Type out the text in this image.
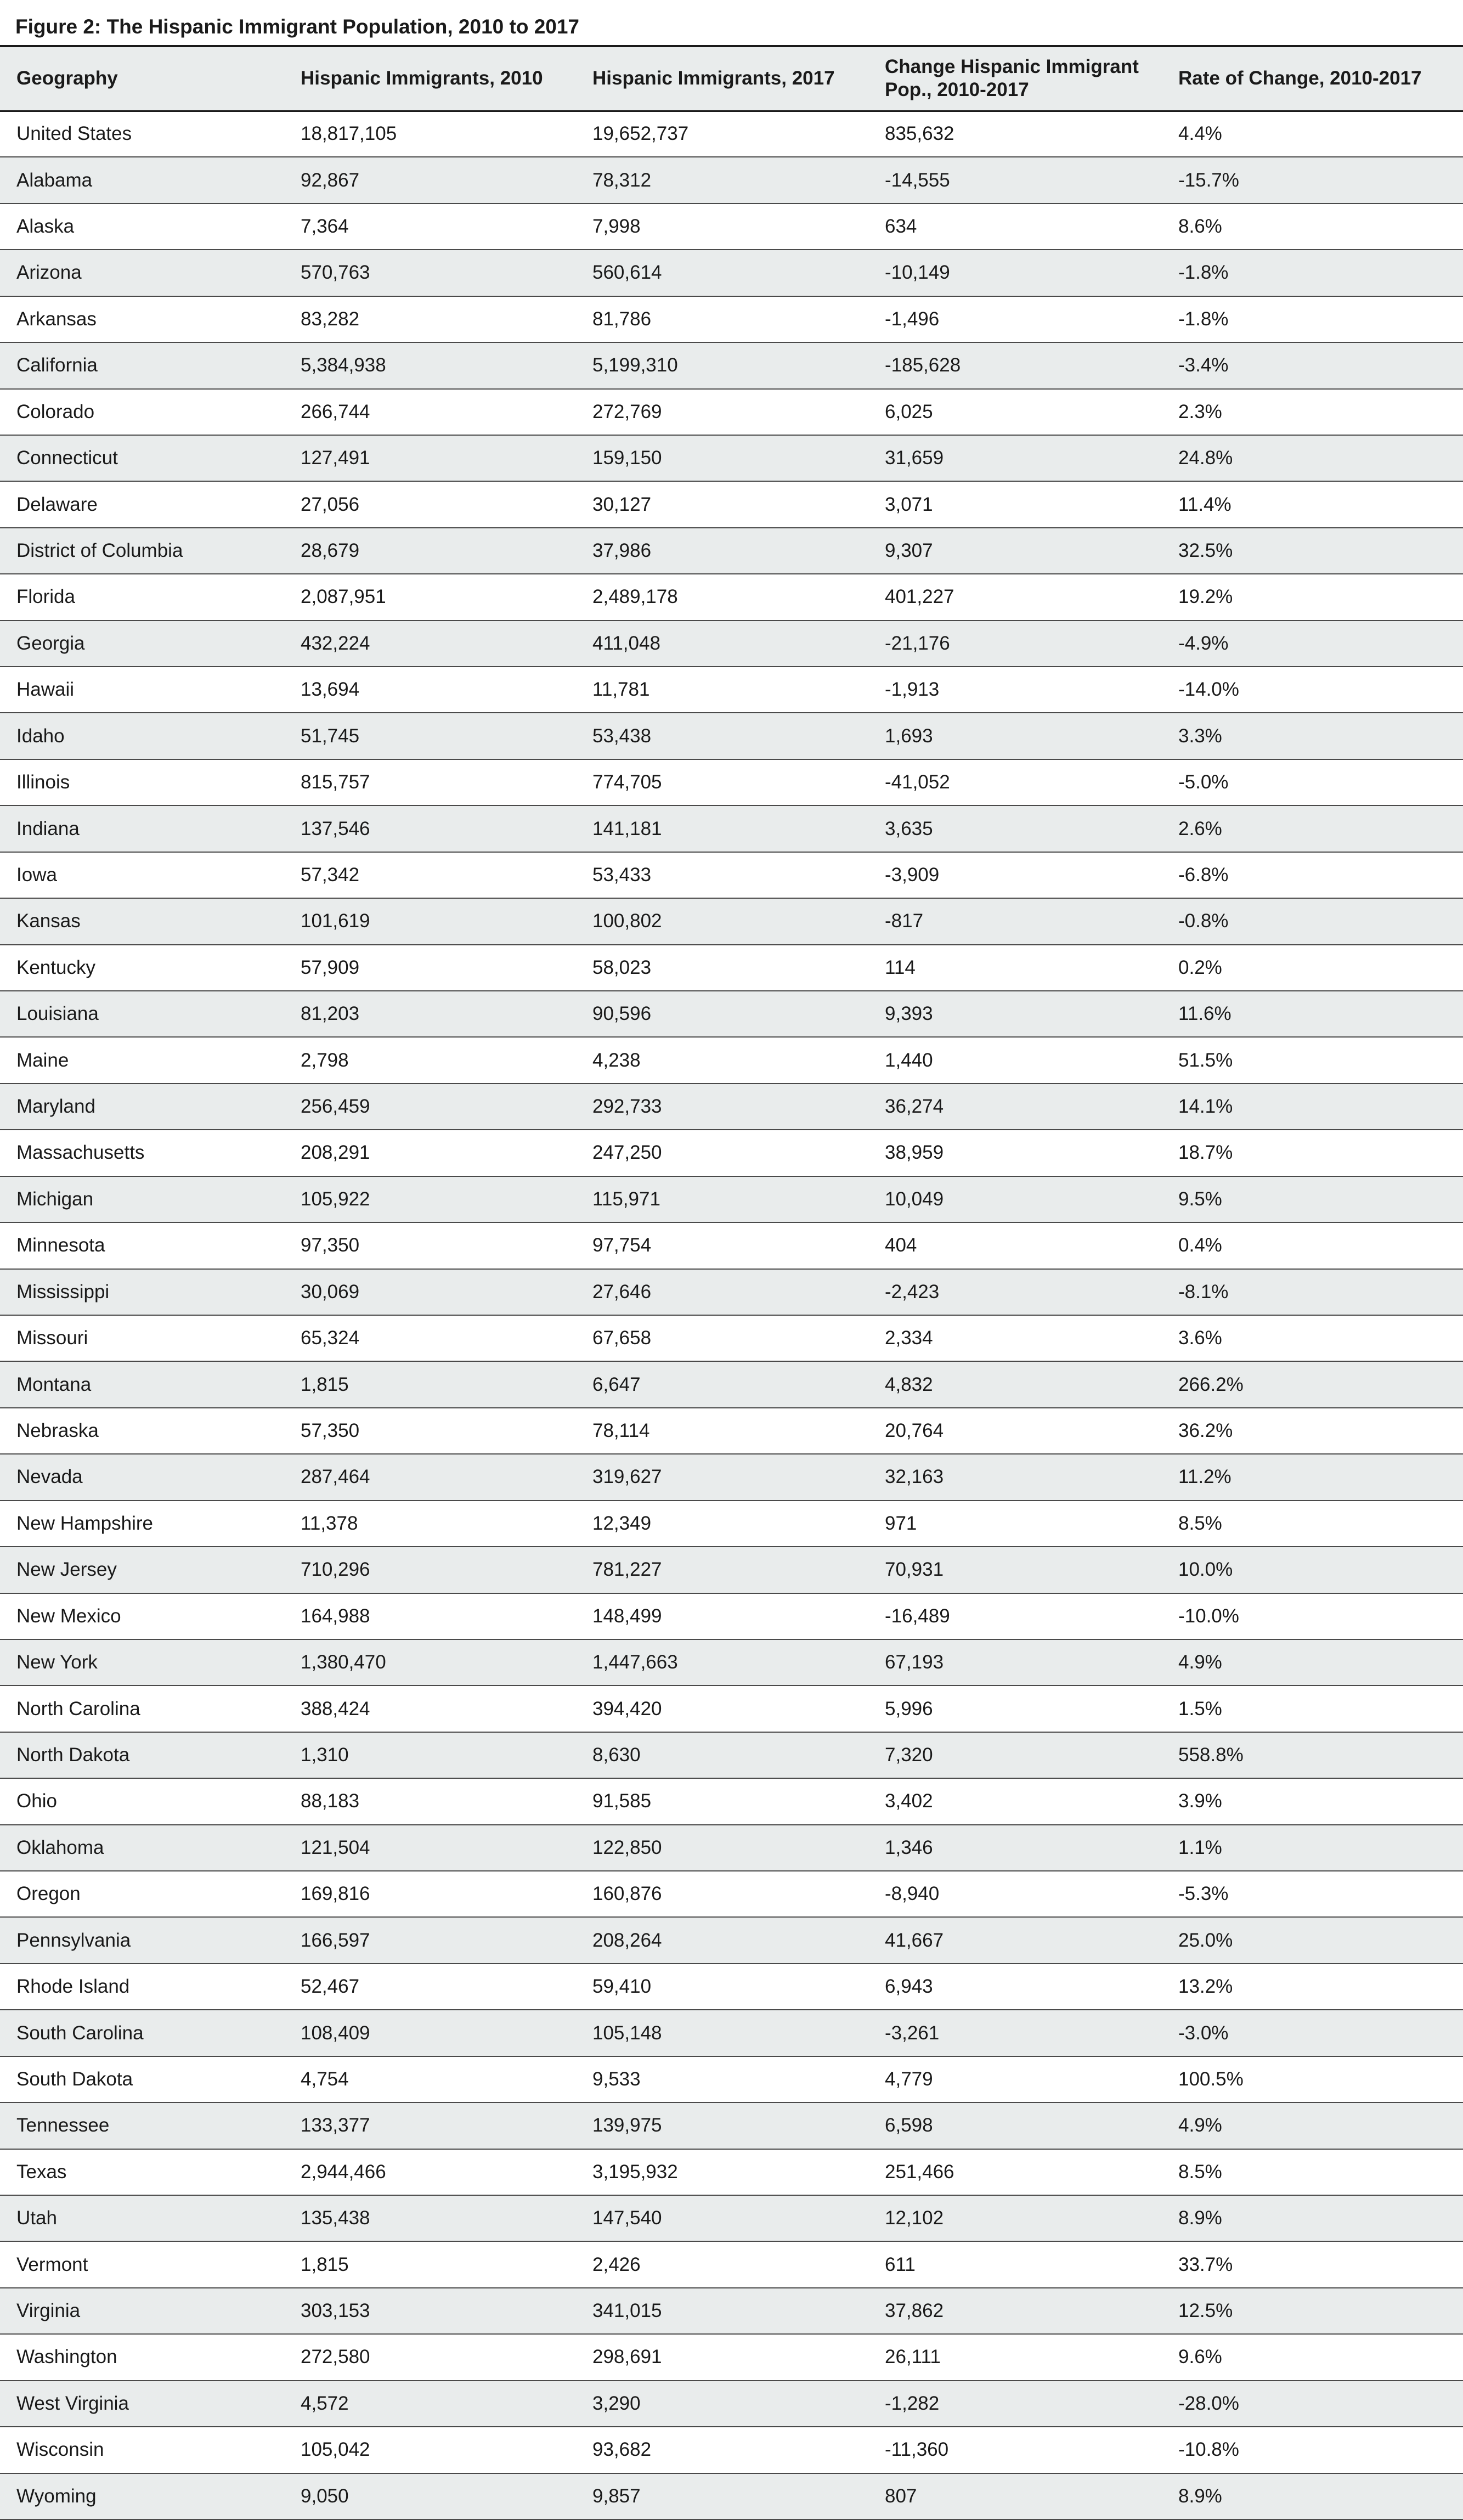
Figure 2: The Hispanic Immigrant Population, 2010 to 2017
Geography	Hispanic Immigrants, 2010	Hispanic Immigrants, 2017	Change Hispanic Immigrant Pop., 2010-2017	Rate of Change, 2010-2017
United States	18,817,105	19,652,737	835,632	4.4%
Alabama	92,867	78,312	-14,555	-15.7%
Alaska	7,364	7,998	634	8.6%
Arizona	570,763	560,614	-10,149	-1.8%
Arkansas	83,282	81,786	-1,496	-1.8%
California	5,384,938	5,199,310	-185,628	-3.4%
Colorado	266,744	272,769	6,025	2.3%
Connecticut	127,491	159,150	31,659	24.8%
Delaware	27,056	30,127	3,071	11.4%
District of Columbia	28,679	37,986	9,307	32.5%
Florida	2,087,951	2,489,178	401,227	19.2%
Georgia	432,224	411,048	-21,176	-4.9%
Hawaii	13,694	11,781	-1,913	-14.0%
Idaho	51,745	53,438	1,693	3.3%
Illinois	815,757	774,705	-41,052	-5.0%
Indiana	137,546	141,181	3,635	2.6%
Iowa	57,342	53,433	-3,909	-6.8%
Kansas	101,619	100,802	-817	-0.8%
Kentucky	57,909	58,023	114	0.2%
Louisiana	81,203	90,596	9,393	11.6%
Maine	2,798	4,238	1,440	51.5%
Maryland	256,459	292,733	36,274	14.1%
Massachusetts	208,291	247,250	38,959	18.7%
Michigan	105,922	115,971	10,049	9.5%
Minnesota	97,350	97,754	404	0.4%
Mississippi	30,069	27,646	-2,423	-8.1%
Missouri	65,324	67,658	2,334	3.6%
Montana	1,815	6,647	4,832	266.2%
Nebraska	57,350	78,114	20,764	36.2%
Nevada	287,464	319,627	32,163	11.2%
New Hampshire	11,378	12,349	971	8.5%
New Jersey	710,296	781,227	70,931	10.0%
New Mexico	164,988	148,499	-16,489	-10.0%
New York	1,380,470	1,447,663	67,193	4.9%
North Carolina	388,424	394,420	5,996	1.5%
North Dakota	1,310	8,630	7,320	558.8%
Ohio	88,183	91,585	3,402	3.9%
Oklahoma	121,504	122,850	1,346	1.1%
Oregon	169,816	160,876	-8,940	-5.3%
Pennsylvania	166,597	208,264	41,667	25.0%
Rhode Island	52,467	59,410	6,943	13.2%
South Carolina	108,409	105,148	-3,261	-3.0%
South Dakota	4,754	9,533	4,779	100.5%
Tennessee	133,377	139,975	6,598	4.9%
Texas	2,944,466	3,195,932	251,466	8.5%
Utah	135,438	147,540	12,102	8.9%
Vermont	1,815	2,426	611	33.7%
Virginia	303,153	341,015	37,862	12.5%
Washington	272,580	298,691	26,111	9.6%
West Virginia	4,572	3,290	-1,282	-28.0%
Wisconsin	105,042	93,682	-11,360	-10.8%
Wyoming	9,050	9,857	807	8.9%
